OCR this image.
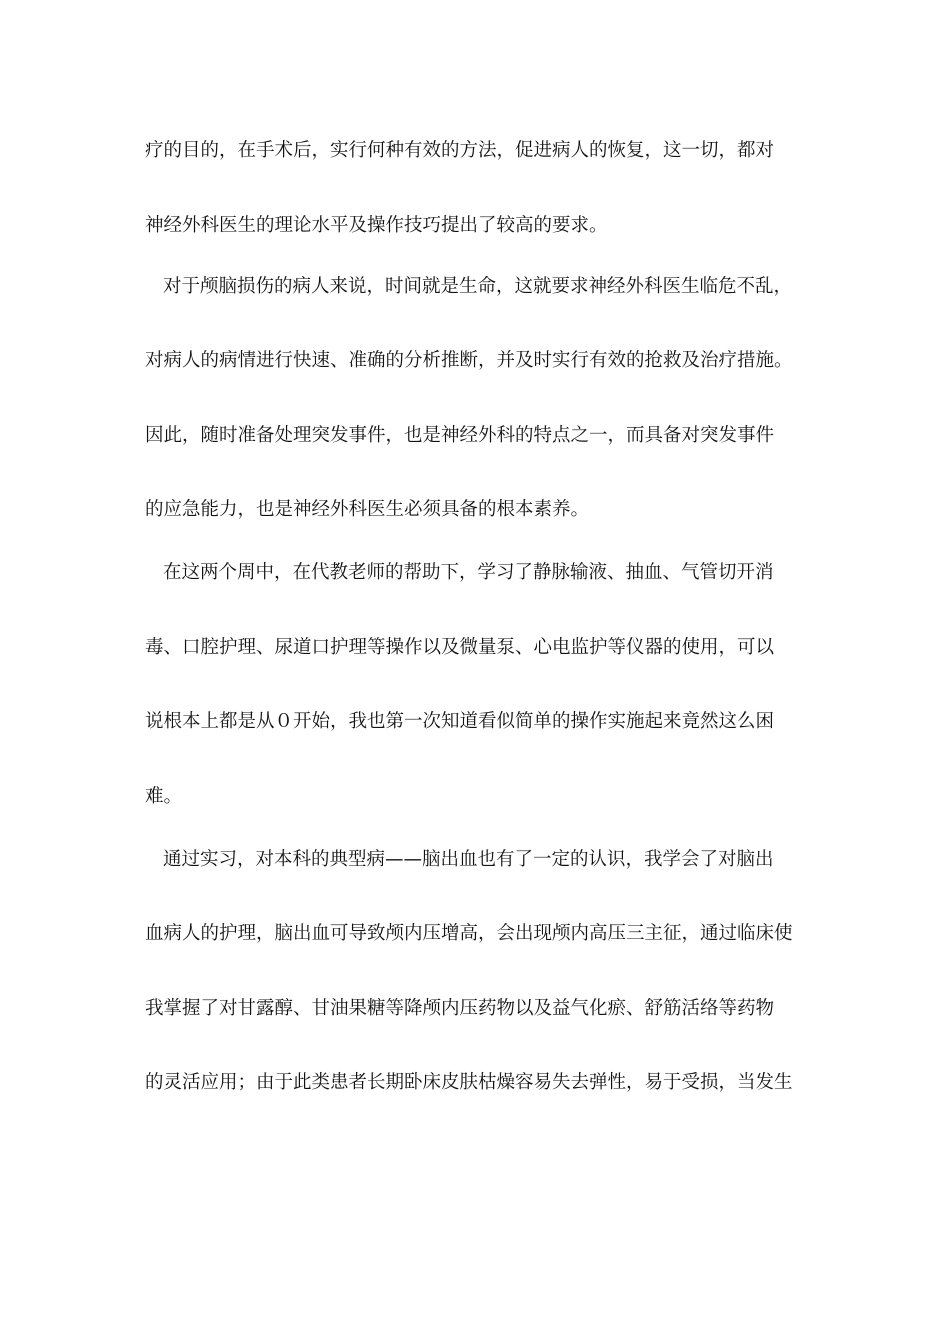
疗的目的，在手术后，实行何种有效的方法，促进病人的恢复，这一切，都对
神经外科医生的理论水平及操作技巧提出了较高的要求。
对于颅脑损伤的病人来说，时间就是生命，这就要求神经外科医生临危不乱，
对病人的病情进行快速、准确的分析推断，并及时实行有效的抢救及治疗措施。
因此，随时准备处理突发事件，也是神经外科的特点之一，而具备对突发事件
的应急能力，也是神经外科医生必须具备的根本素养。
在这两个周中，在代教老师的帮助下，学习了静脉输液、抽血、气管切开消
毒、口腔护理、尿道口护理等操作以及微量泵、心电监护等仪器的使用，可以
说根本上都是从０开始，我也第一次知道看似简单的操作实施起来竟然这么困
难。
通过实习，对本科的典型病——脑出血也有了一定的认识，我学会了对脑出
血病人的护理，脑出血可导致颅内压增高，会出现颅内高压三主征，通过临床使
我掌握了对甘露醇、甘油果糖等降颅内压药物以及益气化瘀、舒筋活络等药物
的灵活应用；由于此类患者长期卧床皮肤枯燥容易失去弹性，易于受损，当发生
